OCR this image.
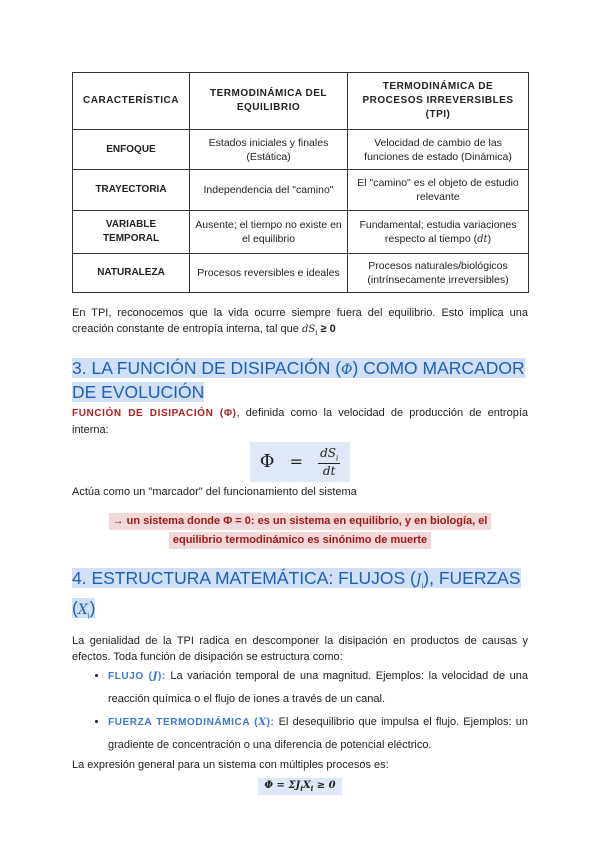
CARACTERÍSTICA	TERMODINÁMICA DEL EQUILIBRIO	TERMODINÁMICA DE PROCESOS IRREVERSIBLES (TPI)
ENFOQUE	Estados iniciales y finales (Estática)	Velocidad de cambio de las funciones de estado (Dinámica)
TRAYECTORIA	Independencia del "camino"	El "camino" es el objeto de estudio relevante
VARIABLE TEMPORAL	Ausente; el tiempo no existe en el equilibrio	Fundamental; estudia variaciones respecto al tiempo (dt)
NATURALEZA	Procesos reversibles e ideales	Procesos naturales/biológicos (intrínsecamente irreversibles)

En TPI, reconocemos que la vida ocurre siempre fuera del equilibrio. Esto implica una creación constante de entropía interna, tal que $dS_i \ge 0$

3. LA FUNCIÓN DE DISIPACIÓN (Φ) COMO MARCADOR DE EVOLUCIÓN

FUNCIÓN DE DISIPACIÓN (Φ), definida como la velocidad de producción de entropía interna:

$\Phi = dS_i$
dt

Actúa como un "marcador" del funcionamiento del sistema

→ un sistema donde Φ = 0: es un sistema en equilibrio, y en biología, el
equilibrio termodinámico es sinónimo de muerte
4. ESTRUCTURA MATEMÁTICA: FLUJOS $(J_i)$, FUERZAS $(X_i)$

La genialidad de la TPI radica en descomponer la disipación en productos de causas y efectos. Toda función de disipación se estructura como:

• FLUJO (J): La variación temporal de una magnitud. Ejemplos: la velocidad de una reacción química o el flujo de iones a través de un canal.
• FUERZA TERMODINÁMICA (X): El desequilibrio que impulsa el flujo. Ejemplos: un gradiente de concentración o una diferencia de potencial eléctrico.

La expresión general para un sistema con múltiples procesos es:

$\Phi = \Sigma J_iX_i \ge 0$
